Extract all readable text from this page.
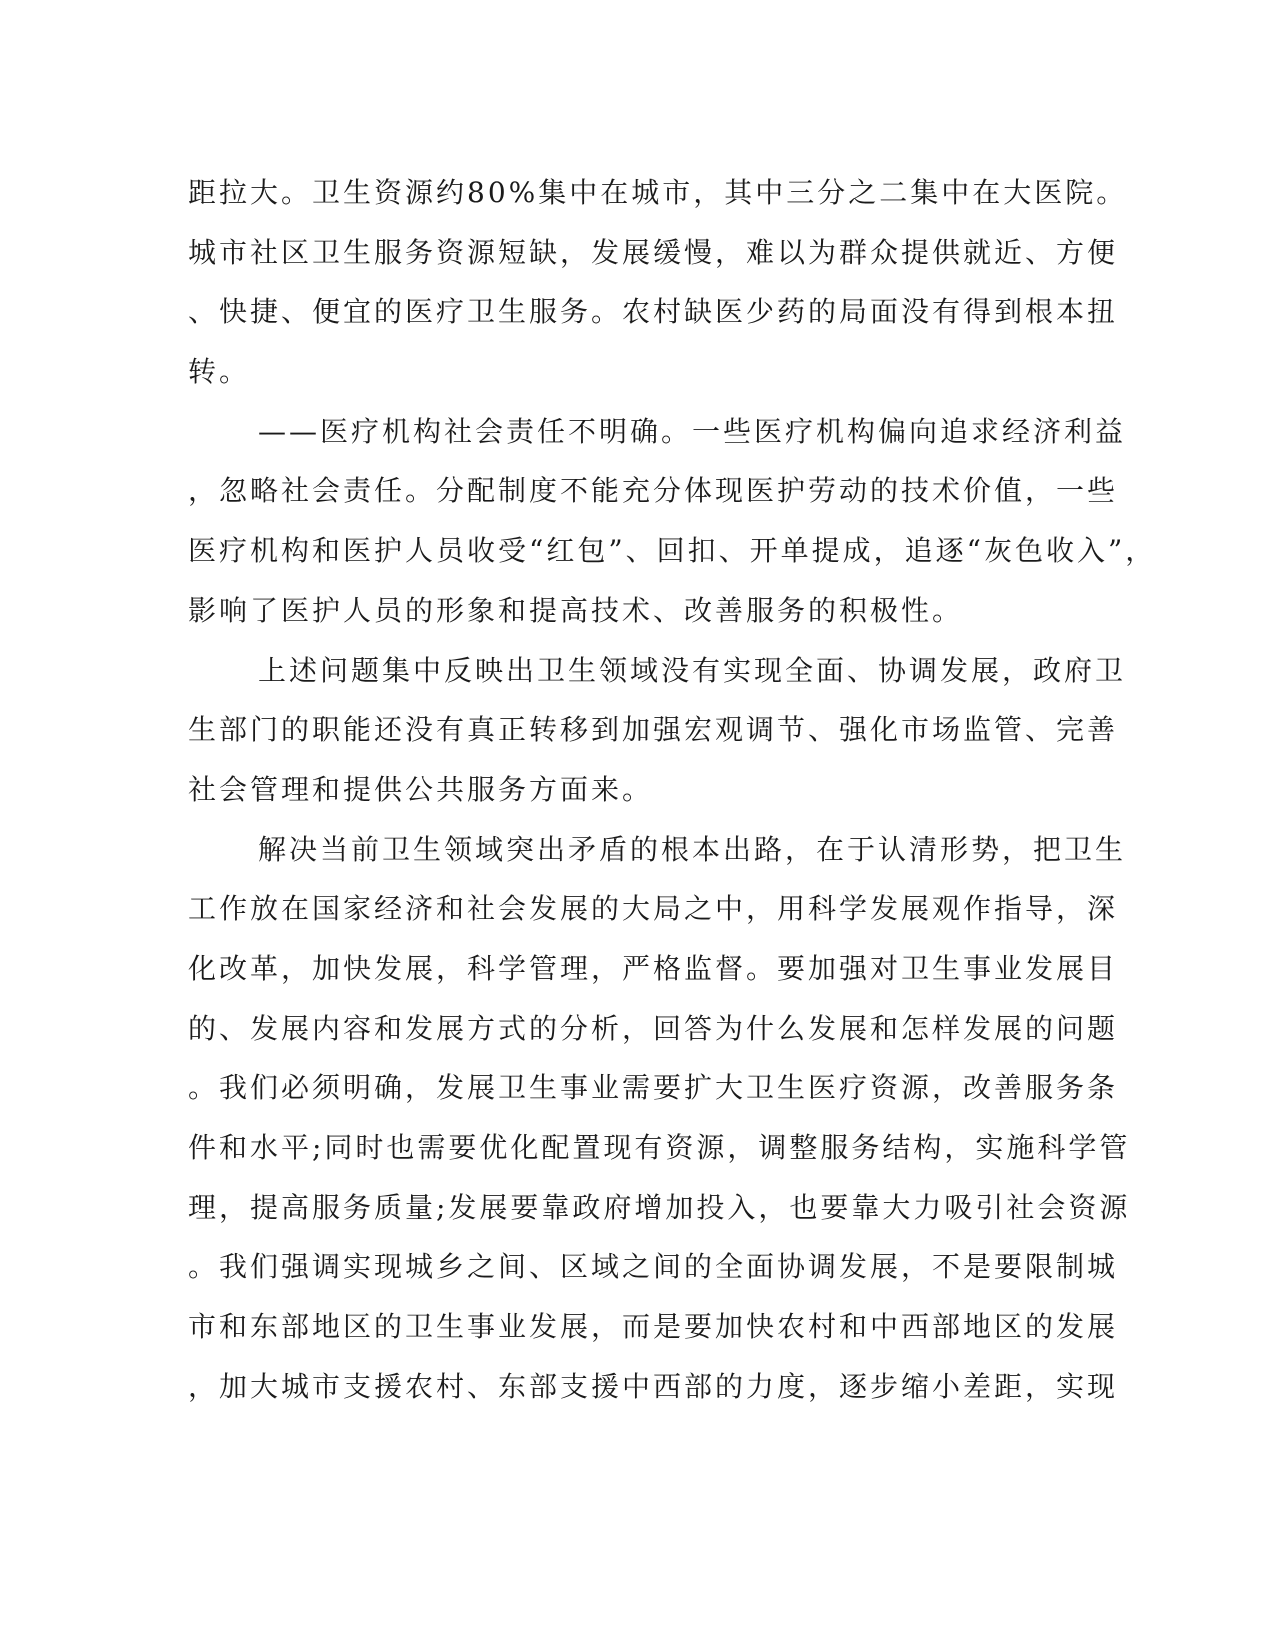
距拉大。卫生资源约80%集中在城市，其中三分之二集中在大医院。
城市社区卫生服务资源短缺，发展缓慢，难以为群众提供就近、方便
、快捷、便宜的医疗卫生服务。农村缺医少药的局面没有得到根本扭
转。
——医疗机构社会责任不明确。一些医疗机构偏向追求经济利益
，忽略社会责任。分配制度不能充分体现医护劳动的技术价值，一些
医疗机构和医护人员收受“红包”、回扣、开单提成，追逐“灰色收入”，
影响了医护人员的形象和提高技术、改善服务的积极性。
上述问题集中反映出卫生领域没有实现全面、协调发展，政府卫
生部门的职能还没有真正转移到加强宏观调节、强化市场监管、完善
社会管理和提供公共服务方面来。
解决当前卫生领域突出矛盾的根本出路，在于认清形势，把卫生
工作放在国家经济和社会发展的大局之中，用科学发展观作指导，深
化改革，加快发展，科学管理，严格监督。要加强对卫生事业发展目
的、发展内容和发展方式的分析，回答为什么发展和怎样发展的问题
。我们必须明确，发展卫生事业需要扩大卫生医疗资源，改善服务条
件和水平;同时也需要优化配置现有资源，调整服务结构，实施科学管
理，提高服务质量;发展要靠政府增加投入，也要靠大力吸引社会资源
。我们强调实现城乡之间、区域之间的全面协调发展，不是要限制城
市和东部地区的卫生事业发展，而是要加快农村和中西部地区的发展
，加大城市支援农村、东部支援中西部的力度，逐步缩小差距，实现
